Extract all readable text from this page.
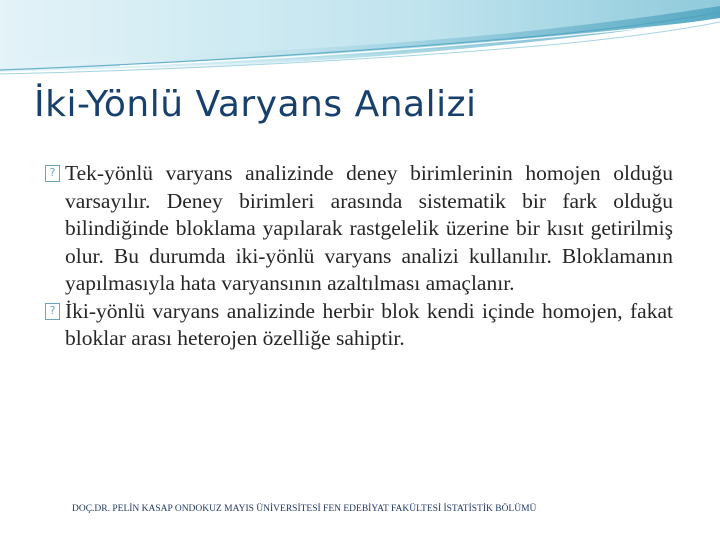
İki-Yönlü Varyans Analizi

? Tek-yönlü varyans analizinde deney birimlerinin homojen olduğu varsayılır. Deney birimleri arasında sistematik bir fark olduğu bilindiğinde bloklama yapılarak rastgelelik üzerine bir kısıt getirilmiş olur. Bu durumda iki-yönlü varyans analizi kullanılır. Bloklamanın yapılmasıyla hata varyansının azaltılması amaçlanır.

? İki-yönlü varyans analizinde herbir blok kendi içinde homojen, fakat bloklar arası heterojen özelliğe sahiptir.

DOÇ.DR. PELİN KASAP ONDOKUZ MAYIS ÜNİVERSİTESİ FEN EDEBİYAT FAKÜLTESİ İSTATİSTİK BÖLÜMÜ
